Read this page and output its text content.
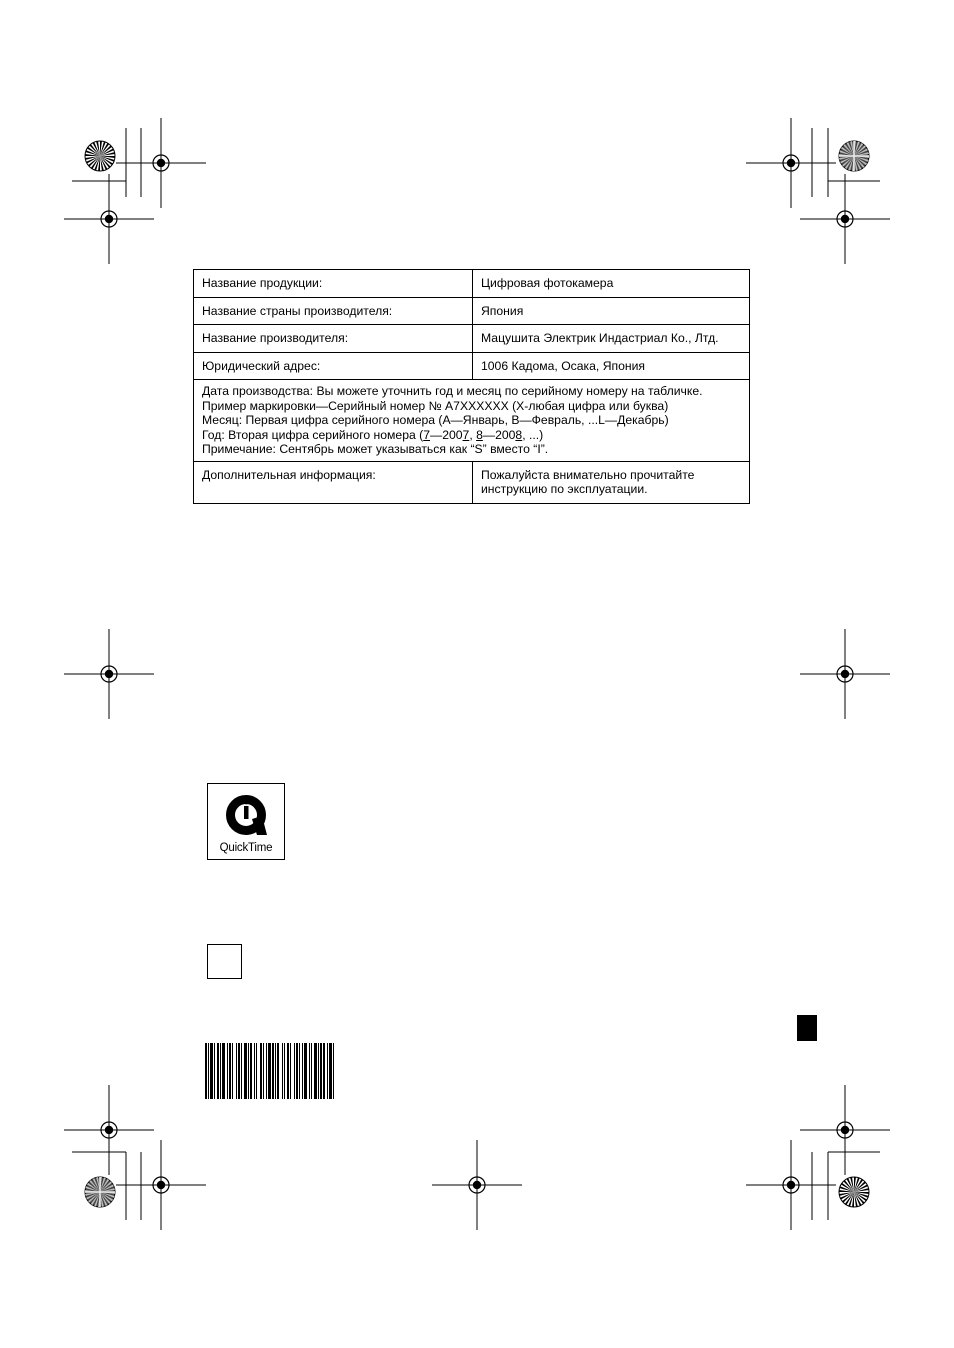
Название продукции:	Цифровая фотокамера
Название страны производителя:	Япония
Название производителя:	Мацушита Электрик Индастриал Ко., Лтд.
Юридический адрес:	1006 Кадома, Осака, Япония

Дата производства: Вы можете уточнить год и месяц по серийному номеру на табличке.
Пример маркировки—Серийный номер № A7XXXXXX (X-любая цифра или буква)
Месяц: Первая цифра серийного номера (A—Январь, B—Февраль, ...L—Декабрь)
Год: Вторая цифра серийного номера (7—2007, 8—2008, ...)
Примечание: Сентябрь может указываться как “S” вместо “I”.	

Дополнительная информация:	Пожалуйста внимательно прочитайте инструкцию по эксплуатации.
QuickTime
